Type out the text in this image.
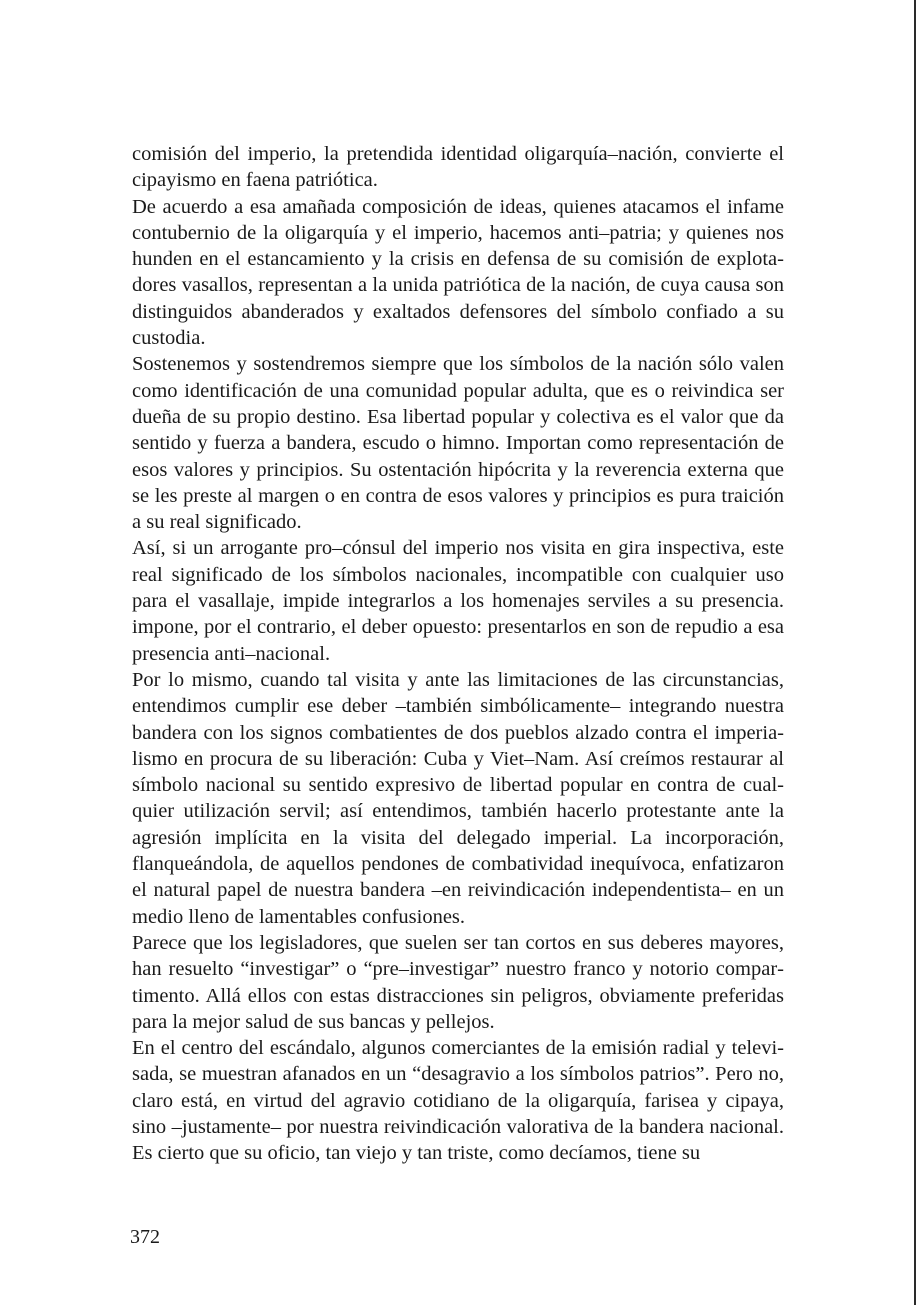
comisión del imperio, la pretendida identidad oligarquía–nación, convierte el cipayismo en faena patriótica.

De acuerdo a esa amañada composición de ideas, quienes atacamos el infame contubernio de la oligarquía y el imperio, hacemos anti–patria; y quienes nos hunden en el estancamiento y la crisis en defensa de su comisión de explotadores vasallos, representan a la unida patriótica de la nación, de cuya causa son distinguidos abanderados y exaltados defensores del símbolo confiado a su custodia.

Sostenemos y sostendremos siempre que los símbolos de la nación sólo valen como identificación de una comunidad popular adulta, que es o reivindica ser dueña de su propio destino. Esa libertad popular y colectiva es el valor que da sentido y fuerza a bandera, escudo o himno. Importan como representación de esos valores y principios. Su ostentación hipócrita y la reverencia externa que se les preste al margen o en contra de esos valores y principios es pura traición a su real significado.

Así, si un arrogante pro–cónsul del imperio nos visita en gira inspectiva, este real significado de los símbolos nacionales, incompatible con cualquier uso para el vasallaje, impide integrarlos a los homenajes serviles a su presencia. impone, por el contrario, el deber opuesto: presentarlos en son de repudio a esa presencia anti–nacional.

Por lo mismo, cuando tal visita y ante las limitaciones de las circunstancias, entendimos cumplir ese deber –también simbólicamente– integrando nuestra bandera con los signos combatientes de dos pueblos alzado contra el imperialismo en procura de su liberación: Cuba y Viet–Nam. Así creímos restaurar al símbolo nacional su sentido expresivo de libertad popular en contra de cualquier utilización servil; así entendimos, también hacerlo protestante ante la agresión implícita en la visita del delegado imperial. La incorporación, flanqueándola, de aquellos pendones de combatividad inequívoca, enfatizaron el natural papel de nuestra bandera –en reivindicación independentista– en un medio lleno de lamentables confusiones.

Parece que los legisladores, que suelen ser tan cortos en sus deberes mayores, han resuelto “investigar” o “pre–investigar” nuestro franco y notorio compartimento. Allá ellos con estas distracciones sin peligros, obviamente preferidas para la mejor salud de sus bancas y pellejos.

En el centro del escándalo, algunos comerciantes de la emisión radial y televisada, se muestran afanados en un “desagravio a los símbolos patrios”. Pero no, claro está, en virtud del agravio cotidiano de la oligarquía, farisea y cipaya, sino –justamente– por nuestra reivindicación valorativa de la bandera nacional. Es cierto que su oficio, tan viejo y tan triste, como decíamos, tiene su

372
